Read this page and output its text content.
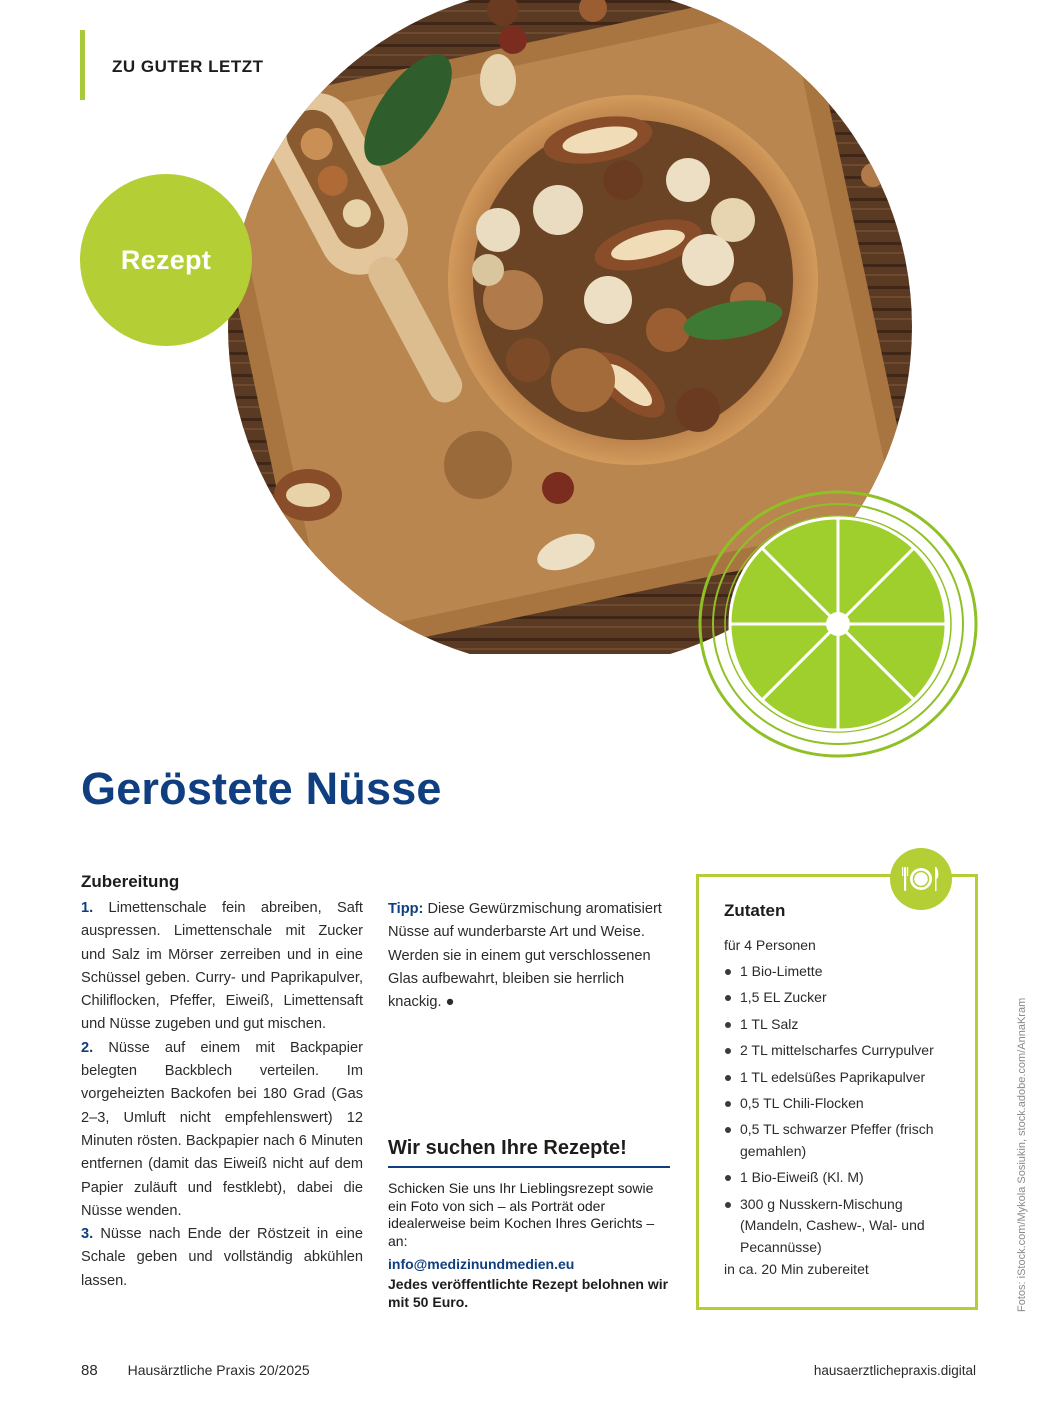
ZU GUTER LETZT
Rezept
Geröstete Nüsse
Zubereitung

1. Limettenschale fein abreiben, Saft auspressen. Limettenschale mit Zucker und Salz im Mörser zerreiben und in eine Schüssel geben. Curry- und Paprikapulver, Chiliflocken, Pfeffer, Eiweiß, Limettensaft und Nüsse zugeben und gut mischen.

2. Nüsse auf einem mit Backpapier belegten Backblech verteilen. Im vorgeheizten Backofen bei 180 Grad (Gas 2–3, Umluft nicht empfehlenswert) 12 Minuten rösten. Backpapier nach 6 Minuten entfernen (damit das Eiweiß nicht auf dem Papier zuläuft und festklebt), dabei die Nüsse wenden.

3. Nüsse nach Ende der Röstzeit in eine Schale geben und vollständig abkühlen lassen.

Tipp: Diese Gewürzmischung aromatisiert Nüsse auf wunderbarste Art und Weise. Werden sie in einem gut verschlossenen Glas aufbewahrt, bleiben sie herrlich knackig. ●

Wir suchen Ihre Rezepte!

Schicken Sie uns Ihr Lieblingsrezept sowie ein Foto von sich – als Porträt oder idealerweise beim Kochen Ihres Gerichts – an:

info@medizinundmedien.eu

Jedes veröffentlichte Rezept belohnen wir mit 50 Euro.

Zutaten
für 4 Personen
1 Bio-Limette
1,5 EL Zucker
1 TL Salz
2 TL mittelscharfes Currypulver
1 TL edelsüßes Paprikapulver
0,5 TL Chili-Flocken
0,5 TL schwarzer Pfeffer (frisch gemahlen)
1 Bio-Eiweiß (Kl. M)
300 g Nusskern-Mischung (Mandeln, Cashew-, Wal- und Pecannüsse)
in ca. 20 Min zubereitet	Fotos: iStock.com/Mykola Sosiukin, stock.adobe.com/AnnaKram
88 Hausärztliche Praxis 20/2025	hausaerztlichepraxis.digital
